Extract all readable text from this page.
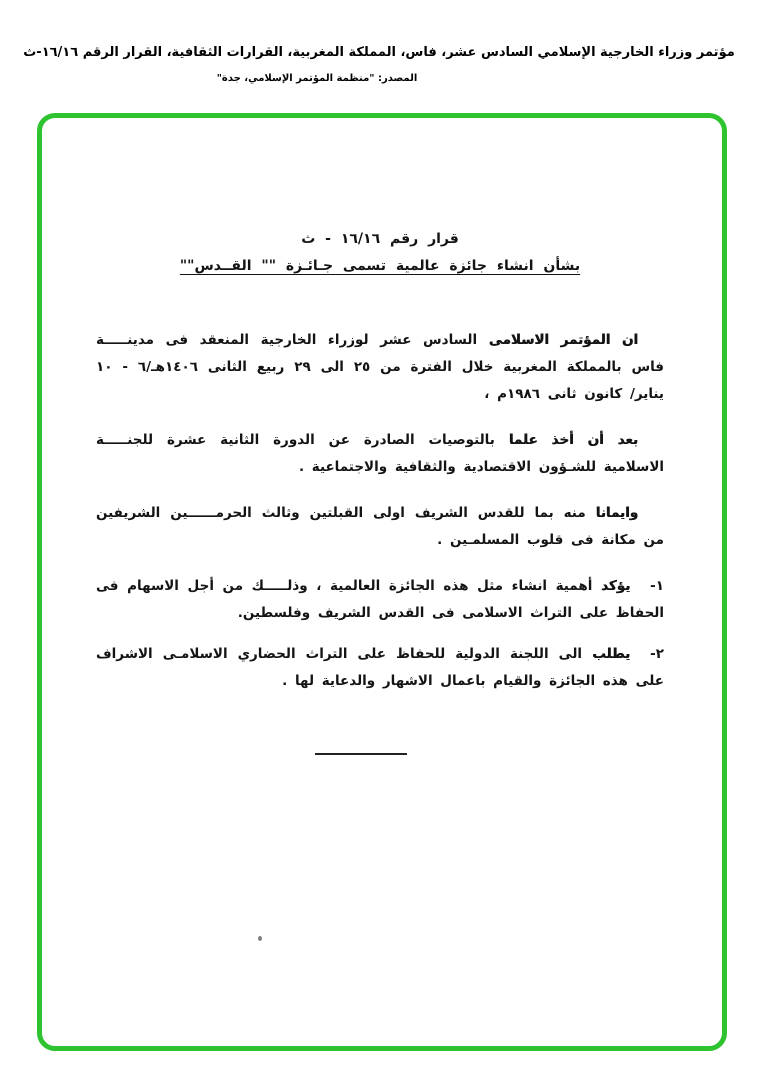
مؤتمر وزراء الخارجية الإسلامي السادس عشر، فاس، المملكة المغربية، القرارات الثقافية، القرار الرقم ١٦/١٦-ث
المصدر: "منظمة المؤتمر الإسلامي، جدة"
قرار رقم ١٦/١٦ - ث
بشأن انشاء جائزة عالمية تسمى جـائـزة "" القــدس""

ان المؤتمر الاسلامى السادس عشر لوزراء الخارجية المنعقد فى مدينـــــة فاس بالمملكة المغربية خلال الفترة من ٢٥ الى ٢٩ ربيع الثانى ١٤٠٦هـ/٦ - ١٠ يناير/ كانون ثانى ١٩٨٦م ،

بعد أن أخذ علما بالتوصيات الصادرة عن الدورة الثانية عشرة للجنـــــة الاسلامية للشـؤون الاقتصادية والثقافية والاجتماعية .

وايمانا منه بما للقدس الشريف اولى القبلتين وثالث الحرمــــــين الشريفين من مكانة فى قلوب المسلمـين .

١-يؤكد أهمية انشاء مثل هذه الجائزة العالمية ، وذلـــــك من أجل الاسهام فى الحفاظ على التراث الاسلامى فى القدس الشريف وفلسطين.

٢-يطلب الى اللجنة الدولية للحفاظ على التراث الحضاري الاسلامـى الاشراف على هذه الجائزة والقيام باعمال الاشهار والدعاية لها .
